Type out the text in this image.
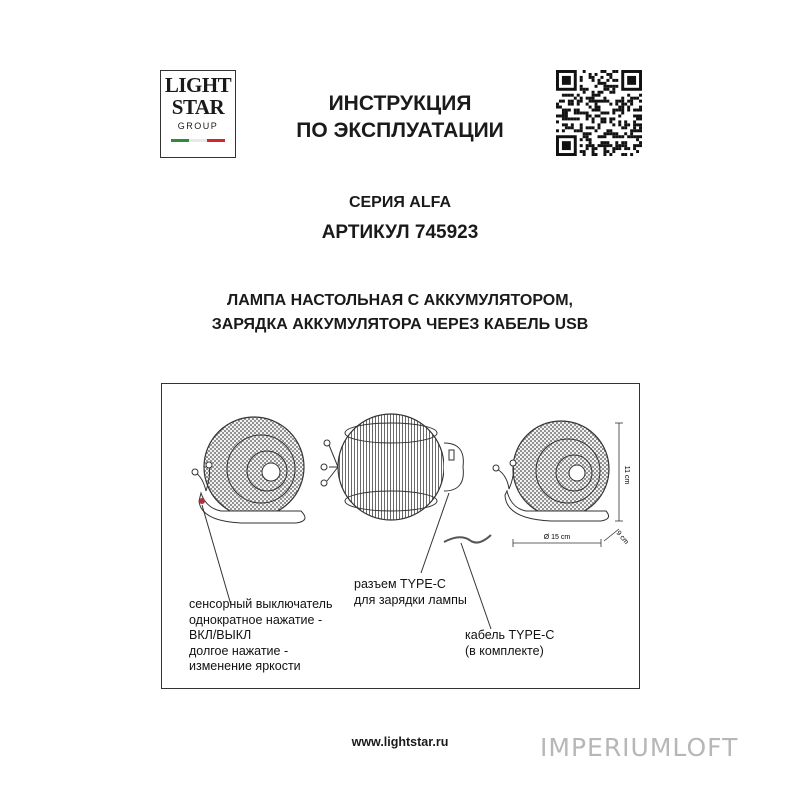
LIGHT
STAR
GROUP
ИНСТРУКЦИЯ
ПО ЭКСПЛУАТАЦИИ
СЕРИЯ ALFA
АРТИКУЛ 745923
ЛАМПА НАСТОЛЬНАЯ С АККУМУЛЯТОРОМ,
ЗАРЯДКА АККУМУЛЯТОРА ЧЕРЕЗ КАБЕЛЬ USB
11 cm
Ø 15 cm	9 cm
сенсорный выключатель
однократное нажатие -
ВКЛ/ВЫКЛ
долгое нажатие -
изменение яркости
разъем TYPE-C
для зарядки лампы
кабель TYPE-C
(в комплекте)
www.lightstar.ru	IMPERIUMLOFT
